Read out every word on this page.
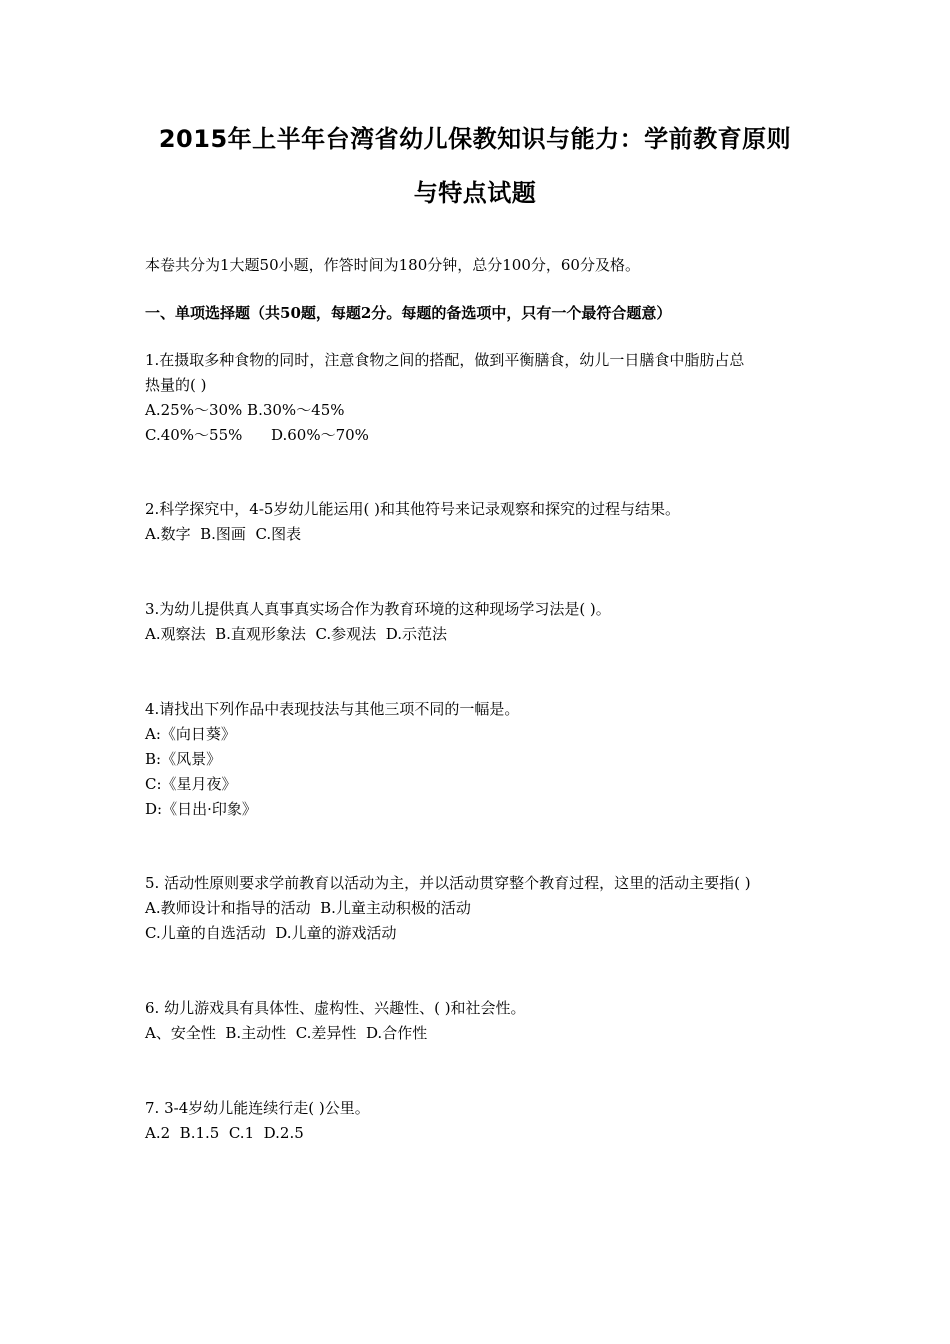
2015年上半年台湾省幼儿保教知识与能力：学前教育原则
与特点试题
本卷共分为1大题50小题，作答时间为180分钟，总分100分，60分及格。
一、单项选择题（共50题，每题2分。每题的备选项中，只有一个最符合题意）
1.在摄取多种食物的同时，注意食物之间的搭配，做到平衡膳食，幼儿一日膳食中脂肪占总
热量的( )
A.25%～30% B.30%～45%
C.40%～55%      D.60%～70%
2.科学探究中，4-5岁幼儿能运用( )和其他符号来记录观察和探究的过程与结果。
A.数字  B.图画  C.图表
3.为幼儿提供真人真事真实场合作为教育环境的这种现场学习法是( )。
A.观察法  B.直观形象法  C.参观法  D.示范法
4.请找出下列作品中表现技法与其他三项不同的一幅是。
A:《向日葵》
B:《风景》
C:《星月夜》
D:《日出·印象》
5. 活动性原则要求学前教育以活动为主，并以活动贯穿整个教育过程，这里的活动主要指( )
A.教师设计和指导的活动  B.儿童主动积极的活动
C.儿童的自选活动  D.儿童的游戏活动
6. 幼儿游戏具有具体性、虚构性、兴趣性、( )和社会性。
A、安全性  B.主动性  C.差异性  D.合作性
7. 3-4岁幼儿能连续行走( )公里。
A.2  B.1.5  C.1  D.2.5
